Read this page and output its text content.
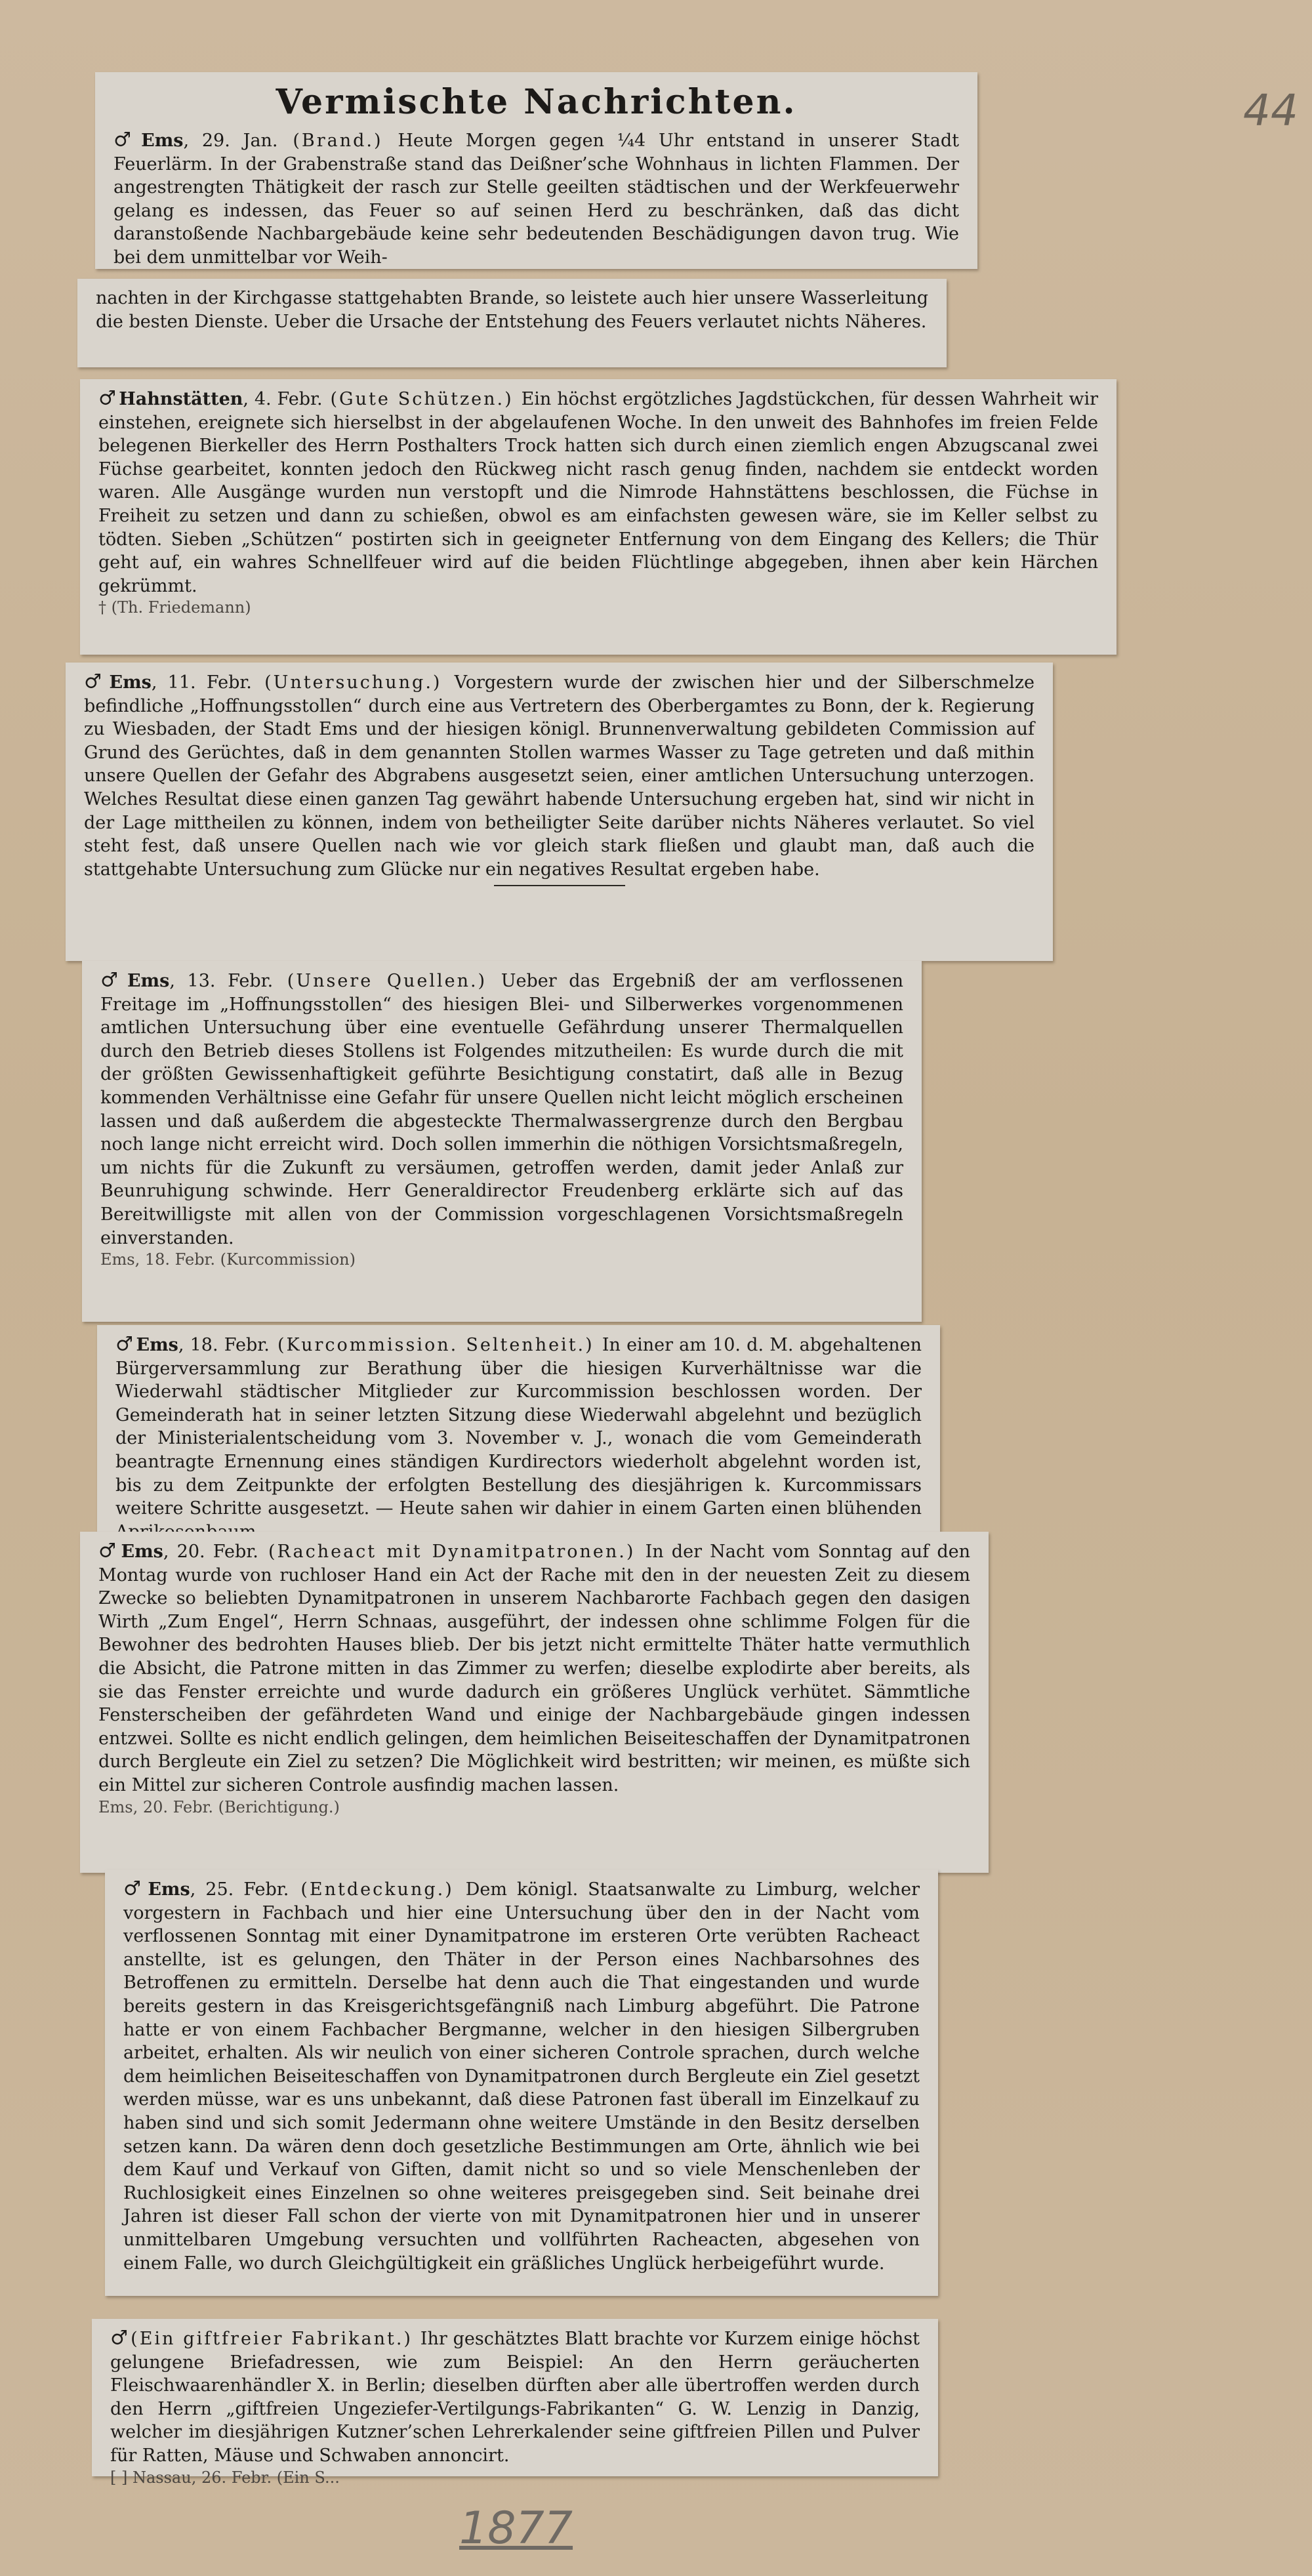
44
Vermischte Nachrichten.

♂ Ems, 29. Jan. (Brand.) Heute Morgen gegen ¼4 Uhr entstand in unserer Stadt Feuerlärm. In der Grabenstraße stand das Deißner’sche Wohnhaus in lichten Flammen. Der angestrengten Thätigkeit der rasch zur Stelle geeilten städtischen und der Werkfeuerwehr gelang es indessen, das Feuer so auf seinen Herd zu beschränken, daß das dicht daranstoßende Nachbargebäude keine sehr bedeutenden Beschädigungen davon trug. Wie bei dem unmittelbar vor Weih-

nachten in der Kirchgasse stattgehabten Brande, so leistete auch hier unsere Wasserleitung die besten Dienste. Ueber die Ursache der Entstehung des Feuers verlautet nichts Näheres.

♂ Hahnstätten, 4. Febr. (Gute Schützen.) Ein höchst ergötzliches Jagdstückchen, für dessen Wahrheit wir einstehen, ereignete sich hierselbst in der abgelaufenen Woche. In den unweit des Bahnhofes im freien Felde belegenen Bierkeller des Herrn Posthalters Trock hatten sich durch einen ziemlich engen Abzugscanal zwei Füchse gearbeitet, konnten jedoch den Rückweg nicht rasch genug finden, nachdem sie entdeckt worden waren. Alle Ausgänge wurden nun verstopft und die Nimrode Hahnstättens beschlossen, die Füchse in Freiheit zu setzen und dann zu schießen, obwol es am einfachsten gewesen wäre, sie im Keller selbst zu tödten. Sieben „Schützen“ postirten sich in geeigneter Entfernung von dem Eingang des Kellers; die Thür geht auf, ein wahres Schnellfeuer wird auf die beiden Flüchtlinge abgegeben, ihnen aber kein Härchen gekrümmt.

† (Th. Friedemann)

♂ Ems, 11. Febr. (Untersuchung.) Vorgestern wurde der zwischen hier und der Silberschmelze befindliche „Hoffnungsstollen“ durch eine aus Vertretern des Oberbergamtes zu Bonn, der k. Regierung zu Wiesbaden, der Stadt Ems und der hiesigen königl. Brunnenverwaltung gebildeten Commission auf Grund des Gerüchtes, daß in dem genannten Stollen warmes Wasser zu Tage getreten und daß mithin unsere Quellen der Gefahr des Abgrabens ausgesetzt seien, einer amtlichen Untersuchung unterzogen. Welches Resultat diese einen ganzen Tag gewährt habende Untersuchung ergeben hat, sind wir nicht in der Lage mittheilen zu können, indem von betheiligter Seite darüber nichts Näheres verlautet. So viel steht fest, daß unsere Quellen nach wie vor gleich stark fließen und glaubt man, daß auch die stattgehabte Untersuchung zum Glücke nur ein negatives Resultat ergeben habe.

♂ Ems, 13. Febr. (Unsere Quellen.) Ueber das Ergebniß der am verflossenen Freitage im „Hoffnungsstollen“ des hiesigen Blei- und Silberwerkes vorgenommenen amtlichen Untersuchung über eine eventuelle Gefährdung unserer Thermalquellen durch den Betrieb dieses Stollens ist Folgendes mitzutheilen: Es wurde durch die mit der größten Gewissenhaftigkeit geführte Besichtigung constatirt, daß alle in Bezug kommenden Verhältnisse eine Gefahr für unsere Quellen nicht leicht möglich erscheinen lassen und daß außerdem die abgesteckte Thermalwassergrenze durch den Bergbau noch lange nicht erreicht wird. Doch sollen immerhin die nöthigen Vorsichtsmaßregeln, um nichts für die Zukunft zu versäumen, getroffen werden, damit jeder Anlaß zur Beunruhigung schwinde. Herr Generaldirector Freudenberg erklärte sich auf das Bereitwilligste mit allen von der Commission vorgeschlagenen Vorsichtsmaßregeln einverstanden.

Ems, 18. Febr. (Kurcommission)

♂ Ems, 18. Febr. (Kurcommission. Seltenheit.) In einer am 10. d. M. abgehaltenen Bürgerversammlung zur Berathung über die hiesigen Kurverhältnisse war die Wiederwahl städtischer Mitglieder zur Kurcommission beschlossen worden. Der Gemeinderath hat in seiner letzten Sitzung diese Wiederwahl abgelehnt und bezüglich der Ministerialentscheidung vom 3. November v. J., wonach die vom Gemeinderath beantragte Ernennung eines ständigen Kurdirectors wiederholt abgelehnt worden ist, bis zu dem Zeitpunkte der erfolgten Bestellung des diesjährigen k. Kurcommissars weitere Schritte ausgesetzt. — Heute sahen wir dahier in einem Garten einen blühenden

♂ Ems, 20. Febr. (Racheact mit Dynamitpatronen.) In der Nacht vom Sonntag auf den Montag wurde von ruchloser Hand ein Act der Rache mit den in der neuesten Zeit zu diesem Zwecke so beliebten Dynamitpatronen in unserem Nachbarorte Fachbach gegen den dasigen Wirth „Zum Engel“, Herrn Schnaas, ausgeführt, der indessen ohne schlimme Folgen für die Bewohner des bedrohten Hauses blieb. Der bis jetzt nicht ermittelte Thäter hatte vermuthlich die Absicht, die Patrone mitten in das Zimmer zu werfen; dieselbe explodirte aber bereits, als sie das Fenster erreichte und wurde dadurch ein größeres Unglück verhütet. Sämmtliche Fensterscheiben der gefährdeten Wand und einige der Nachbargebäude gingen indessen entzwei. Sollte es nicht endlich gelingen, dem heimlichen Beiseiteschaffen der Dynamitpatronen durch Bergleute ein Ziel zu setzen? Die Möglichkeit wird bestritten; wir meinen, es müßte sich ein Mittel zur sicheren Controle ausfindig machen lassen.

Ems, 20. Febr. (Berichtigung.)

♂ Ems, 25. Febr. (Entdeckung.) Dem königl. Staatsanwalte zu Limburg, welcher vorgestern in Fachbach und hier eine Untersuchung über den in der Nacht vom verflossenen Sonntag mit einer Dynamitpatrone im ersteren Orte verübten Racheact anstellte, ist es gelungen, den Thäter in der Person eines Nachbarsohnes des Betroffenen zu ermitteln. Derselbe hat denn auch die That eingestanden und wurde bereits gestern in das Kreisgerichtsgefängniß nach Limburg abgeführt. Die Patrone hatte er von einem Fachbacher Bergmanne, welcher in den hiesigen Silbergruben arbeitet, erhalten. Als wir neulich von einer sicheren Controle sprachen, durch welche dem heimlichen Beiseiteschaffen von Dynamitpatronen durch Bergleute ein Ziel gesetzt werden müsse, war es uns unbekannt, daß diese Patronen fast überall im Einzelkauf zu haben sind und sich somit Jedermann ohne weitere Umstände in den Besitz derselben setzen kann. Da wären denn doch gesetzliche Bestimmungen am Orte, ähnlich wie bei dem Kauf und Verkauf von Giften, damit nicht so und so viele Menschenleben der Ruchlosigkeit eines Einzelnen so ohne weiteres preisgegeben sind. Seit beinahe drei Jahren ist dieser Fall schon der vierte von mit Dynamitpatronen hier und in unserer unmittelbaren Umgebung versuchten und vollführten Racheacten, abgesehen von einem Falle, wo durch Gleichgültigkeit ein gräßliches Unglück herbeigeführt wurde.

♂ (Ein giftfreier Fabrikant.) Ihr geschätztes Blatt brachte vor Kurzem einige höchst gelungene Briefadressen, wie zum Beispiel: An den Herrn geräucherten Fleischwaarenhändler X. in Berlin; dieselben dürften aber alle übertroffen werden durch den Herrn „giftfreien Ungeziefer-Vertilgungs-Fabrikanten“ G. W. Lenzig in Danzig, welcher im diesjährigen Kutzner’schen Lehrerkalender seine giftfreien Pillen und Pulver für Ratten, Mäuse und Schwaben annoncirt.

[ ] Nassau, 26. Febr. (Ein S...
1877
